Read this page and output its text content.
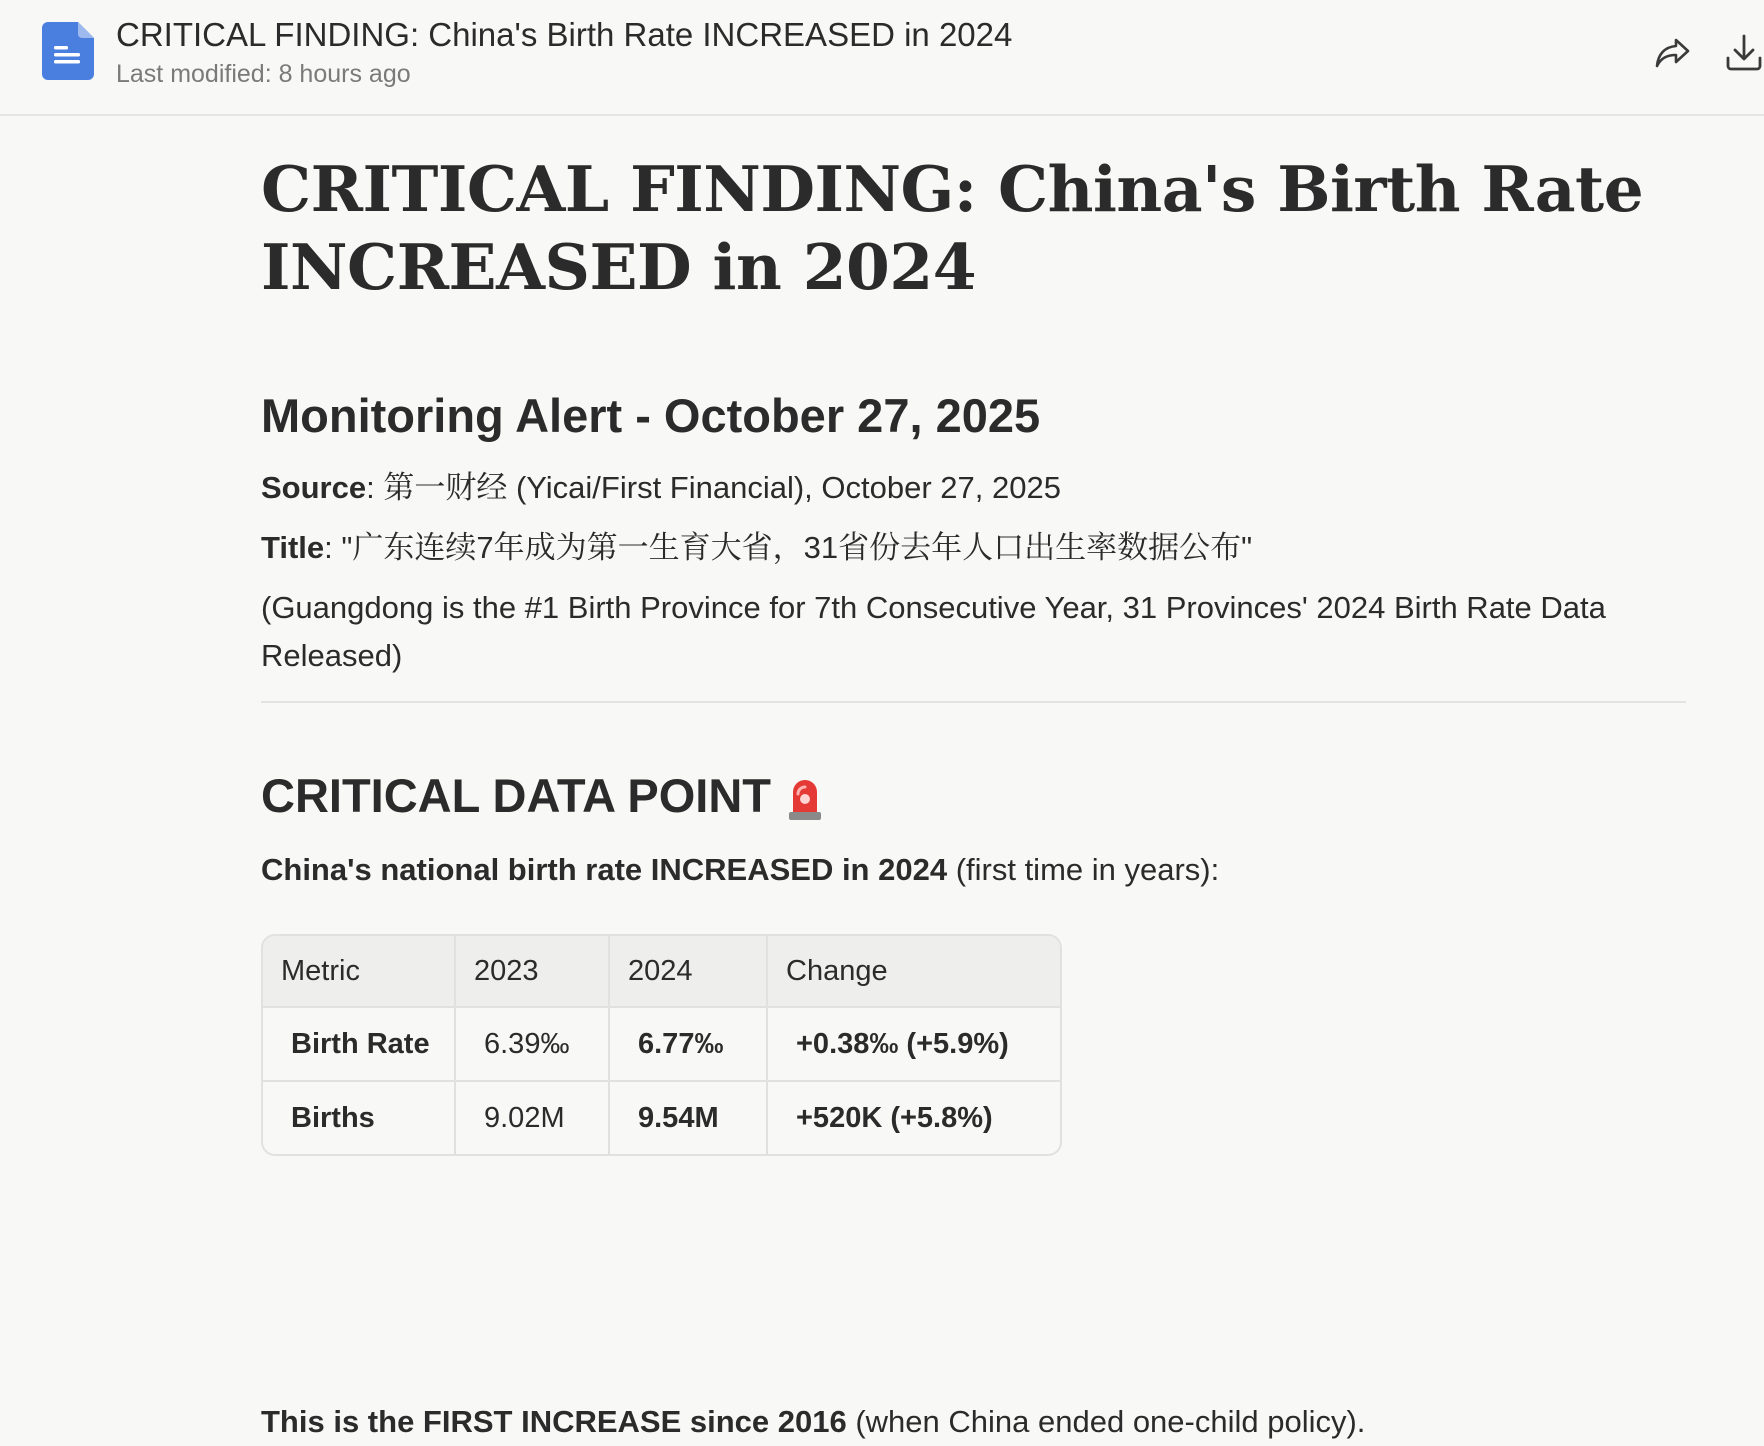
CRITICAL FINDING: China's Birth Rate INCREASED in 2024
Last modified: 8 hours ago
CRITICAL FINDING: China's Birth Rate INCREASED in 2024
Monitoring Alert - October 27, 2025
Source: 第一财经 (Yicai/First Financial), October 27, 2025
Title: "广东连续7年成为第一生育大省，31省份去年人口出生率数据公布"
(Guangdong is the #1 Birth Province for 7th Consecutive Year, 31 Provinces' 2024 Birth Rate Data Released)
CRITICAL DATA POINT
China's national birth rate INCREASED in 2024 (first time in years):
Metric	2023	2024	Change
Birth Rate	6.39‰	6.77‰	+0.38‰ (+5.9%)
Births	9.02M	9.54M	+520K (+5.8%)
This is the FIRST INCREASE since 2016 (when China ended one-child policy).
